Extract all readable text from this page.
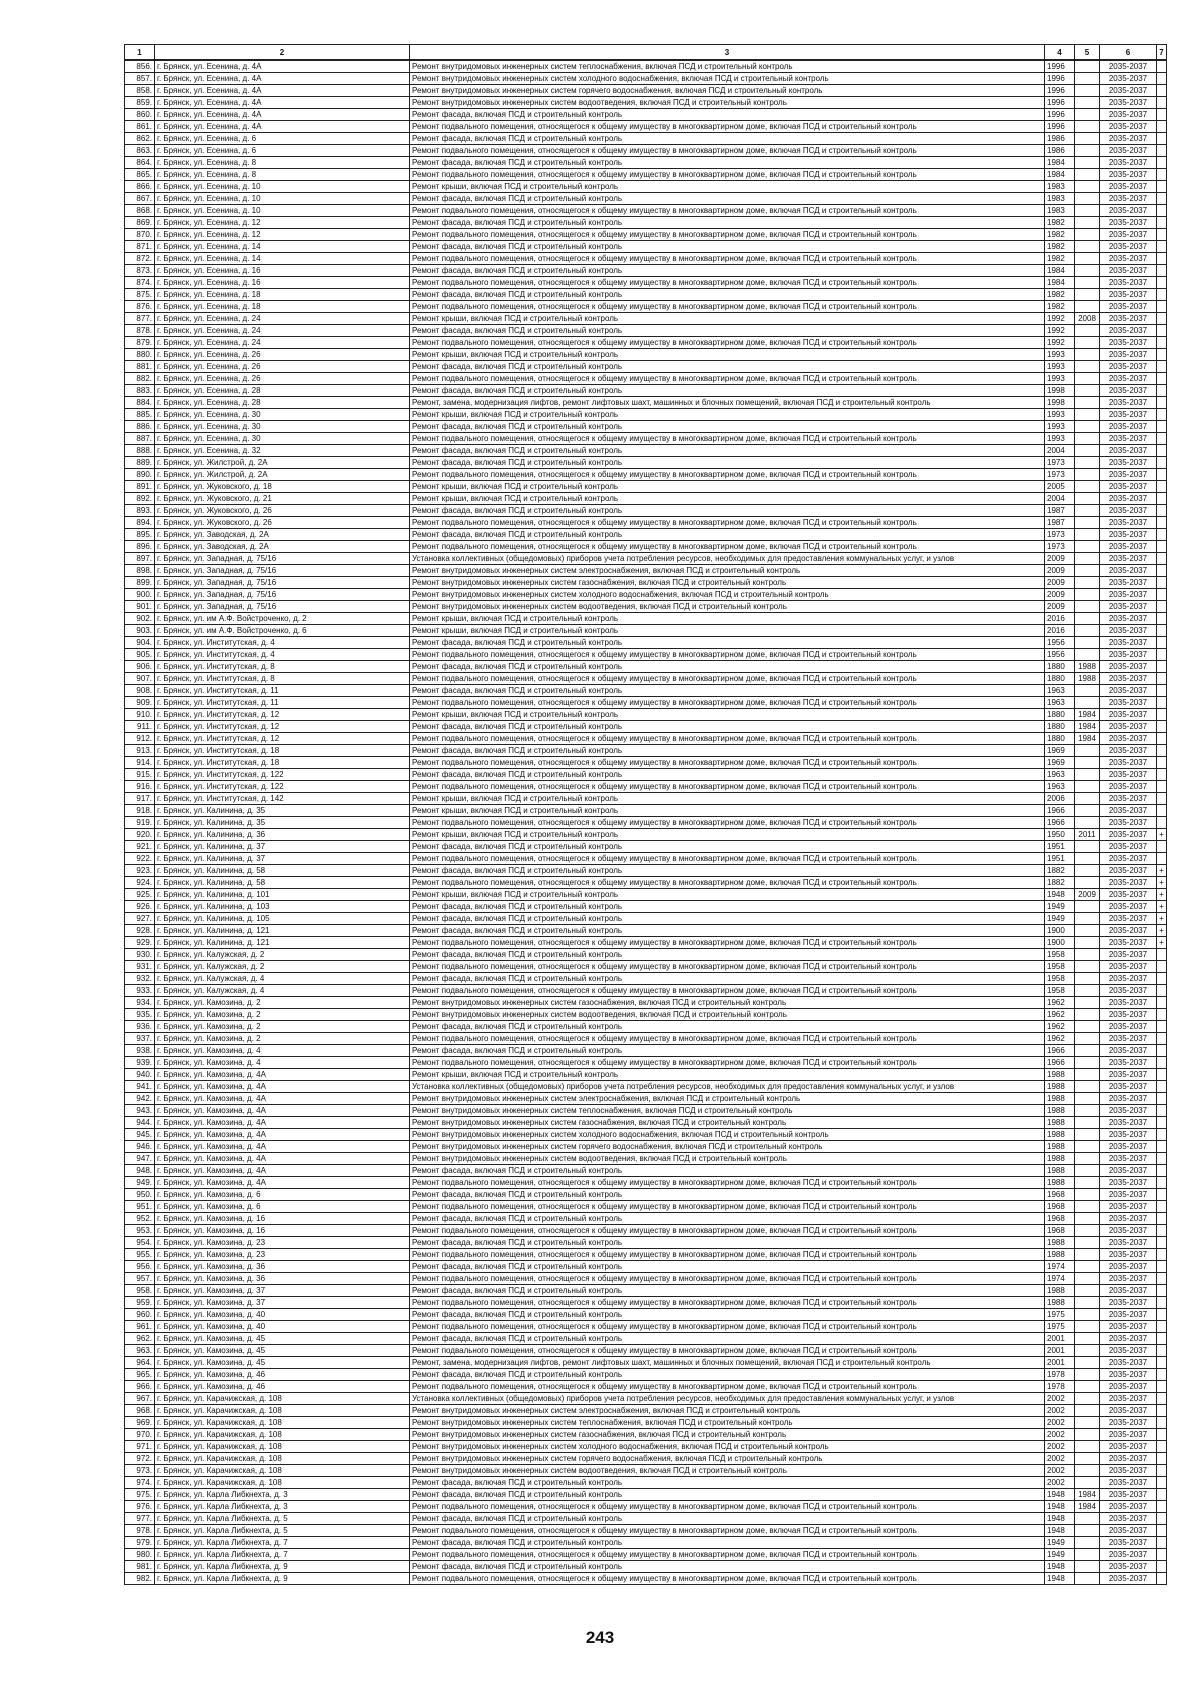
1	2	3	4	5	6	7
856.	г. Брянск, ул. Есенина, д. 4А	Ремонт внутридомовых инженерных систем теплоснабжения, включая ПСД и строительный контроль	1996		2035-2037	
857.	г. Брянск, ул. Есенина, д. 4А	Ремонт внутридомовых инженерных систем холодного водоснабжения, включая ПСД и строительный контроль	1996		2035-2037	
858.	г. Брянск, ул. Есенина, д. 4А	Ремонт внутридомовых инженерных систем горячего водоснабжения, включая ПСД и строительный контроль	1996		2035-2037	
859.	г. Брянск, ул. Есенина, д. 4А	Ремонт внутридомовых инженерных систем водоотведения, включая ПСД и строительный контроль	1996		2035-2037	
860.	г. Брянск, ул. Есенина, д. 4А	Ремонт фасада, включая ПСД и строительный контроль	1996		2035-2037	
861.	г. Брянск, ул. Есенина, д. 4А	Ремонт подвального помещения, относящегося к общему имуществу в многоквартирном доме, включая ПСД и строительный контроль	1996		2035-2037	
862.	г. Брянск, ул. Есенина, д. 6	Ремонт фасада, включая ПСД и строительный контроль	1986		2035-2037	
863.	г. Брянск, ул. Есенина, д. 6	Ремонт подвального помещения, относящегося к общему имуществу в многоквартирном доме, включая ПСД и строительный контроль	1986		2035-2037	
864.	г. Брянск, ул. Есенина, д. 8	Ремонт фасада, включая ПСД и строительный контроль	1984		2035-2037	
865.	г. Брянск, ул. Есенина, д. 8	Ремонт подвального помещения, относящегося к общему имуществу в многоквартирном доме, включая ПСД и строительный контроль	1984		2035-2037	
866.	г. Брянск, ул. Есенина, д. 10	Ремонт крыши, включая ПСД и строительный контроль	1983		2035-2037	
867.	г. Брянск, ул. Есенина, д. 10	Ремонт фасада, включая ПСД и строительный контроль	1983		2035-2037	
868.	г. Брянск, ул. Есенина, д. 10	Ремонт подвального помещения, относящегося к общему имуществу в многоквартирном доме, включая ПСД и строительный контроль	1983		2035-2037	
869.	г. Брянск, ул. Есенина, д. 12	Ремонт фасада, включая ПСД и строительный контроль	1982		2035-2037	
870.	г. Брянск, ул. Есенина, д. 12	Ремонт подвального помещения, относящегося к общему имуществу в многоквартирном доме, включая ПСД и строительный контроль	1982		2035-2037	
871.	г. Брянск, ул. Есенина, д. 14	Ремонт фасада, включая ПСД и строительный контроль	1982		2035-2037	
872.	г. Брянск, ул. Есенина, д. 14	Ремонт подвального помещения, относящегося к общему имуществу в многоквартирном доме, включая ПСД и строительный контроль	1982		2035-2037	
873.	г. Брянск, ул. Есенина, д. 16	Ремонт фасада, включая ПСД и строительный контроль	1984		2035-2037	
874.	г. Брянск, ул. Есенина, д. 16	Ремонт подвального помещения, относящегося к общему имуществу в многоквартирном доме, включая ПСД и строительный контроль	1984		2035-2037	
875.	г. Брянск, ул. Есенина, д. 18	Ремонт фасада, включая ПСД и строительный контроль	1982		2035-2037	
876.	г. Брянск, ул. Есенина, д. 18	Ремонт подвального помещения, относящегося к общему имуществу в многоквартирном доме, включая ПСД и строительный контроль	1982		2035-2037	
877.	г. Брянск, ул. Есенина, д. 24	Ремонт крыши, включая ПСД и строительный контроль	1992	2008	2035-2037	
878.	г. Брянск, ул. Есенина, д. 24	Ремонт фасада, включая ПСД и строительный контроль	1992		2035-2037	
879.	г. Брянск, ул. Есенина, д. 24	Ремонт подвального помещения, относящегося к общему имуществу в многоквартирном доме, включая ПСД и строительный контроль	1992		2035-2037	
880.	г. Брянск, ул. Есенина, д. 26	Ремонт крыши, включая ПСД и строительный контроль	1993		2035-2037	
881.	г. Брянск, ул. Есенина, д. 26	Ремонт фасада, включая ПСД и строительный контроль	1993		2035-2037	
882.	г. Брянск, ул. Есенина, д. 26	Ремонт подвального помещения, относящегося к общему имуществу в многоквартирном доме, включая ПСД и строительный контроль	1993		2035-2037	
883.	г. Брянск, ул. Есенина, д. 28	Ремонт фасада, включая ПСД и строительный контроль	1998		2035-2037	
884.	г. Брянск, ул. Есенина, д. 28	Ремонт, замена, модернизация лифтов, ремонт лифтовых шахт, машинных и блочных помещений, включая ПСД и строительный контроль	1998		2035-2037	
885.	г. Брянск, ул. Есенина, д. 30	Ремонт крыши, включая ПСД и строительный контроль	1993		2035-2037	
886.	г. Брянск, ул. Есенина, д. 30	Ремонт фасада, включая ПСД и строительный контроль	1993		2035-2037	
887.	г. Брянск, ул. Есенина, д. 30	Ремонт подвального помещения, относящегося к общему имуществу в многоквартирном доме, включая ПСД и строительный контроль	1993		2035-2037	
888.	г. Брянск, ул. Есенина, д. 32	Ремонт фасада, включая ПСД и строительный контроль	2004		2035-2037	
889.	г. Брянск, ул. Жилстрой, д. 2А	Ремонт фасада, включая ПСД и строительный контроль	1973		2035-2037	
890.	г. Брянск, ул. Жилстрой, д. 2А	Ремонт подвального помещения, относящегося к общему имуществу в многоквартирном доме, включая ПСД и строительный контроль	1973		2035-2037	
891.	г. Брянск, ул. Жуковского, д. 18	Ремонт крыши, включая ПСД и строительный контроль	2005		2035-2037	
892.	г. Брянск, ул. Жуковского, д. 21	Ремонт крыши, включая ПСД и строительный контроль	2004		2035-2037	
893.	г. Брянск, ул. Жуковского, д. 26	Ремонт фасада, включая ПСД и строительный контроль	1987		2035-2037	
894.	г. Брянск, ул. Жуковского, д. 26	Ремонт подвального помещения, относящегося к общему имуществу в многоквартирном доме, включая ПСД и строительный контроль	1987		2035-2037	
895.	г. Брянск, ул. Заводская, д. 2А	Ремонт фасада, включая ПСД и строительный контроль	1973		2035-2037	
896.	г. Брянск, ул. Заводская, д. 2А	Ремонт подвального помещения, относящегося к общему имуществу в многоквартирном доме, включая ПСД и строительный контроль	1973		2035-2037	
897.	г. Брянск, ул. Западная, д. 75/16	Установка коллективных (общедомовых) приборов учета потребления ресурсов, необходимых для предоставления коммунальных услуг, и узлов	2009		2035-2037	
898.	г. Брянск, ул. Западная, д. 75/16	Ремонт внутридомовых инженерных систем электроснабжения, включая ПСД и строительный контроль	2009		2035-2037	
899.	г. Брянск, ул. Западная, д. 75/16	Ремонт внутридомовых инженерных систем газоснабжения, включая ПСД и строительный контроль	2009		2035-2037	
900.	г. Брянск, ул. Западная, д. 75/16	Ремонт внутридомовых инженерных систем холодного водоснабжения, включая ПСД и строительный контроль	2009		2035-2037	
901.	г. Брянск, ул. Западная, д. 75/16	Ремонт внутридомовых инженерных систем водоотведения, включая ПСД и строительный контроль	2009		2035-2037	
902.	г. Брянск, ул. им А.Ф. Войстроченко, д. 2	Ремонт крыши, включая ПСД и строительный контроль	2016		2035-2037	
903.	г. Брянск, ул. им А.Ф. Войстроченко, д. 6	Ремонт крыши, включая ПСД и строительный контроль	2016		2035-2037	
904.	г. Брянск, ул. Институтская, д. 4	Ремонт фасада, включая ПСД и строительный контроль	1956		2035-2037	
905.	г. Брянск, ул. Институтская, д. 4	Ремонт подвального помещения, относящегося к общему имуществу в многоквартирном доме, включая ПСД и строительный контроль	1956		2035-2037	
906.	г. Брянск, ул. Институтская, д. 8	Ремонт фасада, включая ПСД и строительный контроль	1880	1988	2035-2037	
907.	г. Брянск, ул. Институтская, д. 8	Ремонт подвального помещения, относящегося к общему имуществу в многоквартирном доме, включая ПСД и строительный контроль	1880	1988	2035-2037	
908.	г. Брянск, ул. Институтская, д. 11	Ремонт фасада, включая ПСД и строительный контроль	1963		2035-2037	
909.	г. Брянск, ул. Институтская, д. 11	Ремонт подвального помещения, относящегося к общему имуществу в многоквартирном доме, включая ПСД и строительный контроль	1963		2035-2037	
910.	г. Брянск, ул. Институтская, д. 12	Ремонт крыши, включая ПСД и строительный контроль	1880	1984	2035-2037	
911.	г. Брянск, ул. Институтская, д. 12	Ремонт фасада, включая ПСД и строительный контроль	1880	1984	2035-2037	
912.	г. Брянск, ул. Институтская, д. 12	Ремонт подвального помещения, относящегося к общему имуществу в многоквартирном доме, включая ПСД и строительный контроль	1880	1984	2035-2037	
913.	г. Брянск, ул. Институтская, д. 18	Ремонт фасада, включая ПСД и строительный контроль	1969		2035-2037	
914.	г. Брянск, ул. Институтская, д. 18	Ремонт подвального помещения, относящегося к общему имуществу в многоквартирном доме, включая ПСД и строительный контроль	1969		2035-2037	
915.	г. Брянск, ул. Институтская, д. 122	Ремонт фасада, включая ПСД и строительный контроль	1963		2035-2037	
916.	г. Брянск, ул. Институтская, д. 122	Ремонт подвального помещения, относящегося к общему имуществу в многоквартирном доме, включая ПСД и строительный контроль	1963		2035-2037	
917.	г. Брянск, ул. Институтская, д. 142	Ремонт крыши, включая ПСД и строительный контроль	2006		2035-2037	
918.	г. Брянск, ул. Калинина, д. 35	Ремонт крыши, включая ПСД и строительный контроль	1966		2035-2037	
919.	г. Брянск, ул. Калинина, д. 35	Ремонт подвального помещения, относящегося к общему имуществу в многоквартирном доме, включая ПСД и строительный контроль	1966		2035-2037	
920.	г. Брянск, ул. Калинина, д. 36	Ремонт крыши, включая ПСД и строительный контроль	1950	2011	2035-2037	+
921.	г. Брянск, ул. Калинина, д. 37	Ремонт фасада, включая ПСД и строительный контроль	1951		2035-2037	
922.	г. Брянск, ул. Калинина, д. 37	Ремонт подвального помещения, относящегося к общему имуществу в многоквартирном доме, включая ПСД и строительный контроль	1951		2035-2037	
923.	г. Брянск, ул. Калинина, д. 58	Ремонт фасада, включая ПСД и строительный контроль	1882		2035-2037	+
924.	г. Брянск, ул. Калинина, д. 58	Ремонт подвального помещения, относящегося к общему имуществу в многоквартирном доме, включая ПСД и строительный контроль	1882		2035-2037	+
925.	г. Брянск, ул. Калинина, д. 101	Ремонт крыши, включая ПСД и строительный контроль	1948	2009	2035-2037	+
926.	г. Брянск, ул. Калинина, д. 103	Ремонт фасада, включая ПСД и строительный контроль	1949		2035-2037	+
927.	г. Брянск, ул. Калинина, д. 105	Ремонт фасада, включая ПСД и строительный контроль	1949		2035-2037	+
928.	г. Брянск, ул. Калинина, д. 121	Ремонт фасада, включая ПСД и строительный контроль	1900		2035-2037	+
929.	г. Брянск, ул. Калинина, д. 121	Ремонт подвального помещения, относящегося к общему имуществу в многоквартирном доме, включая ПСД и строительный контроль	1900		2035-2037	+
930.	г. Брянск, ул. Калужская, д. 2	Ремонт фасада, включая ПСД и строительный контроль	1958		2035-2037	
931.	г. Брянск, ул. Калужская, д. 2	Ремонт подвального помещения, относящегося к общему имуществу в многоквартирном доме, включая ПСД и строительный контроль	1958		2035-2037	
932.	г. Брянск, ул. Калужская, д. 4	Ремонт фасада, включая ПСД и строительный контроль	1958		2035-2037	
933.	г. Брянск, ул. Калужская, д. 4	Ремонт подвального помещения, относящегося к общему имуществу в многоквартирном доме, включая ПСД и строительный контроль	1958		2035-2037	
934.	г. Брянск, ул. Камозина, д. 2	Ремонт внутридомовых инженерных систем газоснабжения, включая ПСД и строительный контроль	1962		2035-2037	
935.	г. Брянск, ул. Камозина, д. 2	Ремонт внутридомовых инженерных систем водоотведения, включая ПСД и строительный контроль	1962		2035-2037	
936.	г. Брянск, ул. Камозина, д. 2	Ремонт фасада, включая ПСД и строительный контроль	1962		2035-2037	
937.	г. Брянск, ул. Камозина, д. 2	Ремонт подвального помещения, относящегося к общему имуществу в многоквартирном доме, включая ПСД и строительный контроль	1962		2035-2037	
938.	г. Брянск, ул. Камозина, д. 4	Ремонт фасада, включая ПСД и строительный контроль	1966		2035-2037	
939.	г. Брянск, ул. Камозина, д. 4	Ремонт подвального помещения, относящегося к общему имуществу в многоквартирном доме, включая ПСД и строительный контроль	1966		2035-2037	
940.	г. Брянск, ул. Камозина, д. 4А	Ремонт крыши, включая ПСД и строительный контроль	1988		2035-2037	
941.	г. Брянск, ул. Камозина, д. 4А	Установка коллективных (общедомовых) приборов учета потребления ресурсов, необходимых для предоставления коммунальных услуг, и узлов	1988		2035-2037	
942.	г. Брянск, ул. Камозина, д. 4А	Ремонт внутридомовых инженерных систем электроснабжения, включая ПСД и строительный контроль	1988		2035-2037	
943.	г. Брянск, ул. Камозина, д. 4А	Ремонт внутридомовых инженерных систем теплоснабжения, включая ПСД и строительный контроль	1988		2035-2037	
944.	г. Брянск, ул. Камозина, д. 4А	Ремонт внутридомовых инженерных систем газоснабжения, включая ПСД и строительный контроль	1988		2035-2037	
945.	г. Брянск, ул. Камозина, д. 4А	Ремонт внутридомовых инженерных систем холодного водоснабжения, включая ПСД и строительный контроль	1988		2035-2037	
946.	г. Брянск, ул. Камозина, д. 4А	Ремонт внутридомовых инженерных систем горячего водоснабжения, включая ПСД и строительный контроль	1988		2035-2037	
947.	г. Брянск, ул. Камозина, д. 4А	Ремонт внутридомовых инженерных систем водоотведения, включая ПСД и строительный контроль	1988		2035-2037	
948.	г. Брянск, ул. Камозина, д. 4А	Ремонт фасада, включая ПСД и строительный контроль	1988		2035-2037	
949.	г. Брянск, ул. Камозина, д. 4А	Ремонт подвального помещения, относящегося к общему имуществу в многоквартирном доме, включая ПСД и строительный контроль	1988		2035-2037	
950.	г. Брянск, ул. Камозина, д. 6	Ремонт фасада, включая ПСД и строительный контроль	1968		2035-2037	
951.	г. Брянск, ул. Камозина, д. 6	Ремонт подвального помещения, относящегося к общему имуществу в многоквартирном доме, включая ПСД и строительный контроль	1968		2035-2037	
952.	г. Брянск, ул. Камозина, д. 16	Ремонт фасада, включая ПСД и строительный контроль	1968		2035-2037	
953.	г. Брянск, ул. Камозина, д. 16	Ремонт подвального помещения, относящегося к общему имуществу в многоквартирном доме, включая ПСД и строительный контроль	1968		2035-2037	
954.	г. Брянск, ул. Камозина, д. 23	Ремонт фасада, включая ПСД и строительный контроль	1988		2035-2037	
955.	г. Брянск, ул. Камозина, д. 23	Ремонт подвального помещения, относящегося к общему имуществу в многоквартирном доме, включая ПСД и строительный контроль	1988		2035-2037	
956.	г. Брянск, ул. Камозина, д. 36	Ремонт фасада, включая ПСД и строительный контроль	1974		2035-2037	
957.	г. Брянск, ул. Камозина, д. 36	Ремонт подвального помещения, относящегося к общему имуществу в многоквартирном доме, включая ПСД и строительный контроль	1974		2035-2037	
958.	г. Брянск, ул. Камозина, д. 37	Ремонт фасада, включая ПСД и строительный контроль	1988		2035-2037	
959.	г. Брянск, ул. Камозина, д. 37	Ремонт подвального помещения, относящегося к общему имуществу в многоквартирном доме, включая ПСД и строительный контроль	1988		2035-2037	
960.	г. Брянск, ул. Камозина, д. 40	Ремонт фасада, включая ПСД и строительный контроль	1975		2035-2037	
961.	г. Брянск, ул. Камозина, д. 40	Ремонт подвального помещения, относящегося к общему имуществу в многоквартирном доме, включая ПСД и строительный контроль	1975		2035-2037	
962.	г. Брянск, ул. Камозина, д. 45	Ремонт фасада, включая ПСД и строительный контроль	2001		2035-2037	
963.	г. Брянск, ул. Камозина, д. 45	Ремонт подвального помещения, относящегося к общему имуществу в многоквартирном доме, включая ПСД и строительный контроль	2001		2035-2037	
964.	г. Брянск, ул. Камозина, д. 45	Ремонт, замена, модернизация лифтов, ремонт лифтовых шахт, машинных и блочных помещений, включая ПСД и строительный контроль	2001		2035-2037	
965.	г. Брянск, ул. Камозина, д. 46	Ремонт фасада, включая ПСД и строительный контроль	1978		2035-2037	
966.	г. Брянск, ул. Камозина, д. 46	Ремонт подвального помещения, относящегося к общему имуществу в многоквартирном доме, включая ПСД и строительный контроль	1978		2035-2037	
967.	г. Брянск, ул. Карачижская, д. 108	Установка коллективных (общедомовых) приборов учета потребления ресурсов, необходимых для предоставления коммунальных услуг, и узлов	2002		2035-2037	
968.	г. Брянск, ул. Карачижская, д. 108	Ремонт внутридомовых инженерных систем электроснабжения, включая ПСД и строительный контроль	2002		2035-2037	
969.	г. Брянск, ул. Карачижская, д. 108	Ремонт внутридомовых инженерных систем теплоснабжения, включая ПСД и строительный контроль	2002		2035-2037	
970.	г. Брянск, ул. Карачижская, д. 108	Ремонт внутридомовых инженерных систем газоснабжения, включая ПСД и строительный контроль	2002		2035-2037	
971.	г. Брянск, ул. Карачижская, д. 108	Ремонт внутридомовых инженерных систем холодного водоснабжения, включая ПСД и строительный контроль	2002		2035-2037	
972.	г. Брянск, ул. Карачижская, д. 108	Ремонт внутридомовых инженерных систем горячего водоснабжения, включая ПСД и строительный контроль	2002		2035-2037	
973.	г. Брянск, ул. Карачижская, д. 108	Ремонт внутридомовых инженерных систем водоотведения, включая ПСД и строительный контроль	2002		2035-2037	
974.	г. Брянск, ул. Карачижская, д. 108	Ремонт фасада, включая ПСД и строительный контроль	2002		2035-2037	
975.	г. Брянск, ул. Карла Либкнехта, д. 3	Ремонт фасада, включая ПСД и строительный контроль	1948	1984	2035-2037	
976.	г. Брянск, ул. Карла Либкнехта, д. 3	Ремонт подвального помещения, относящегося к общему имуществу в многоквартирном доме, включая ПСД и строительный контроль	1948	1984	2035-2037	
977.	г. Брянск, ул. Карла Либкнехта, д. 5	Ремонт фасада, включая ПСД и строительный контроль	1948		2035-2037	
978.	г. Брянск, ул. Карла Либкнехта, д. 5	Ремонт подвального помещения, относящегося к общему имуществу в многоквартирном доме, включая ПСД и строительный контроль	1948		2035-2037	
979.	г. Брянск, ул. Карла Либкнехта, д. 7	Ремонт фасада, включая ПСД и строительный контроль	1949		2035-2037	
980.	г. Брянск, ул. Карла Либкнехта, д. 7	Ремонт подвального помещения, относящегося к общему имуществу в многоквартирном доме, включая ПСД и строительный контроль	1949		2035-2037	
981.	г. Брянск, ул. Карла Либкнехта, д. 9	Ремонт фасада, включая ПСД и строительный контроль	1948		2035-2037	
982.	г. Брянск, ул. Карла Либкнехта, д. 9	Ремонт подвального помещения, относящегося к общему имуществу в многоквартирном доме, включая ПСД и строительный контроль	1948		2035-2037	
243
